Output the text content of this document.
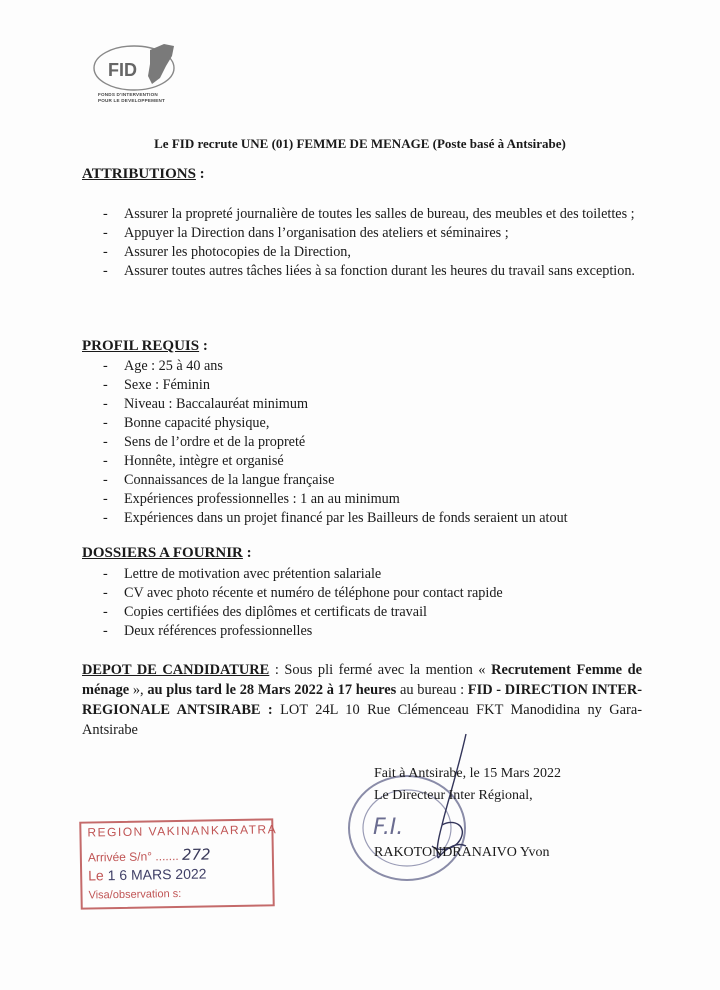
FID
FONDS D'INTERVENTION
POUR LE DEVELOPPEMENT
Le FID recrute UNE (01) FEMME DE MENAGE (Poste basé à Antsirabe)
ATTRIBUTIONS :
- Assurer la propreté journalière de toutes les salles de bureau, des meubles et des toilettes ;
- Appuyer la Direction dans l’organisation des ateliers et séminaires ;
- Assurer les photocopies de la Direction,
- Assurer toutes autres tâches liées à sa fonction durant les heures du travail sans exception.
PROFIL REQUIS :
- Age : 25 à 40 ans
- Sexe : Féminin
- Niveau : Baccalauréat minimum
- Bonne capacité physique,
- Sens de l’ordre et de la propreté
- Honnête, intègre et organisé
- Connaissances de la langue française
- Expériences professionnelles : 1 an au minimum
- Expériences dans un projet financé par les Bailleurs de fonds seraient un atout
DOSSIERS A FOURNIR :
- Lettre de motivation avec prétention salariale
- CV avec photo récente et numéro de téléphone pour contact rapide
- Copies certifiées des diplômes et certificats de travail
- Deux références professionnelles
DEPOT DE CANDIDATURE : Sous pli fermé avec la mention « Recrutement Femme de ménage », au plus tard le 28 Mars 2022 à 17 heures au bureau : FID - DIRECTION INTER-REGIONALE ANTSIRABE : LOT 24L 10 Rue Clémenceau FKT Manodidina ny Gara-Antsirabe
F.I.
Fait à Antsirabe, le 15 Mars 2022
Le Directeur Inter Régional,
RAKOTONDRANAIVO Yvon
REGION VAKINANKARATRA
Arrivée S/n° ....... 272
Le 1 6 MARS 2022
Visa/observation s:
